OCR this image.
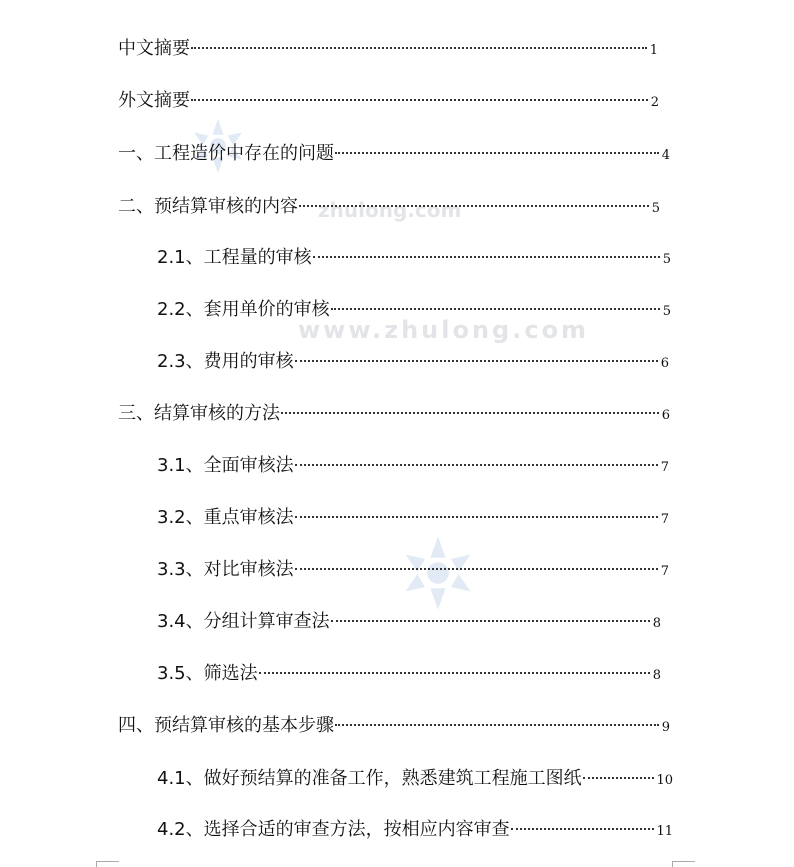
zhulong.com
www.zhulong.com
中文摘要	1
外文摘要	2
一、工程造价中存在的问题	4
二、预结算审核的内容	5
2.1、工程量的审核	5
2.2、套用单价的审核	5
2.3、费用的审核	6
三、结算审核的方法	6
3.1、全面审核法	7
3.2、重点审核法	7
3.3、对比审核法	7
3.4、分组计算审查法	8
3.5、筛选法	8
四、预结算审核的基本步骤	9
4.1、做好预结算的准备工作，熟悉建筑工程施工图纸	10
4.2、选择合适的审查方法，按相应内容审查	11
